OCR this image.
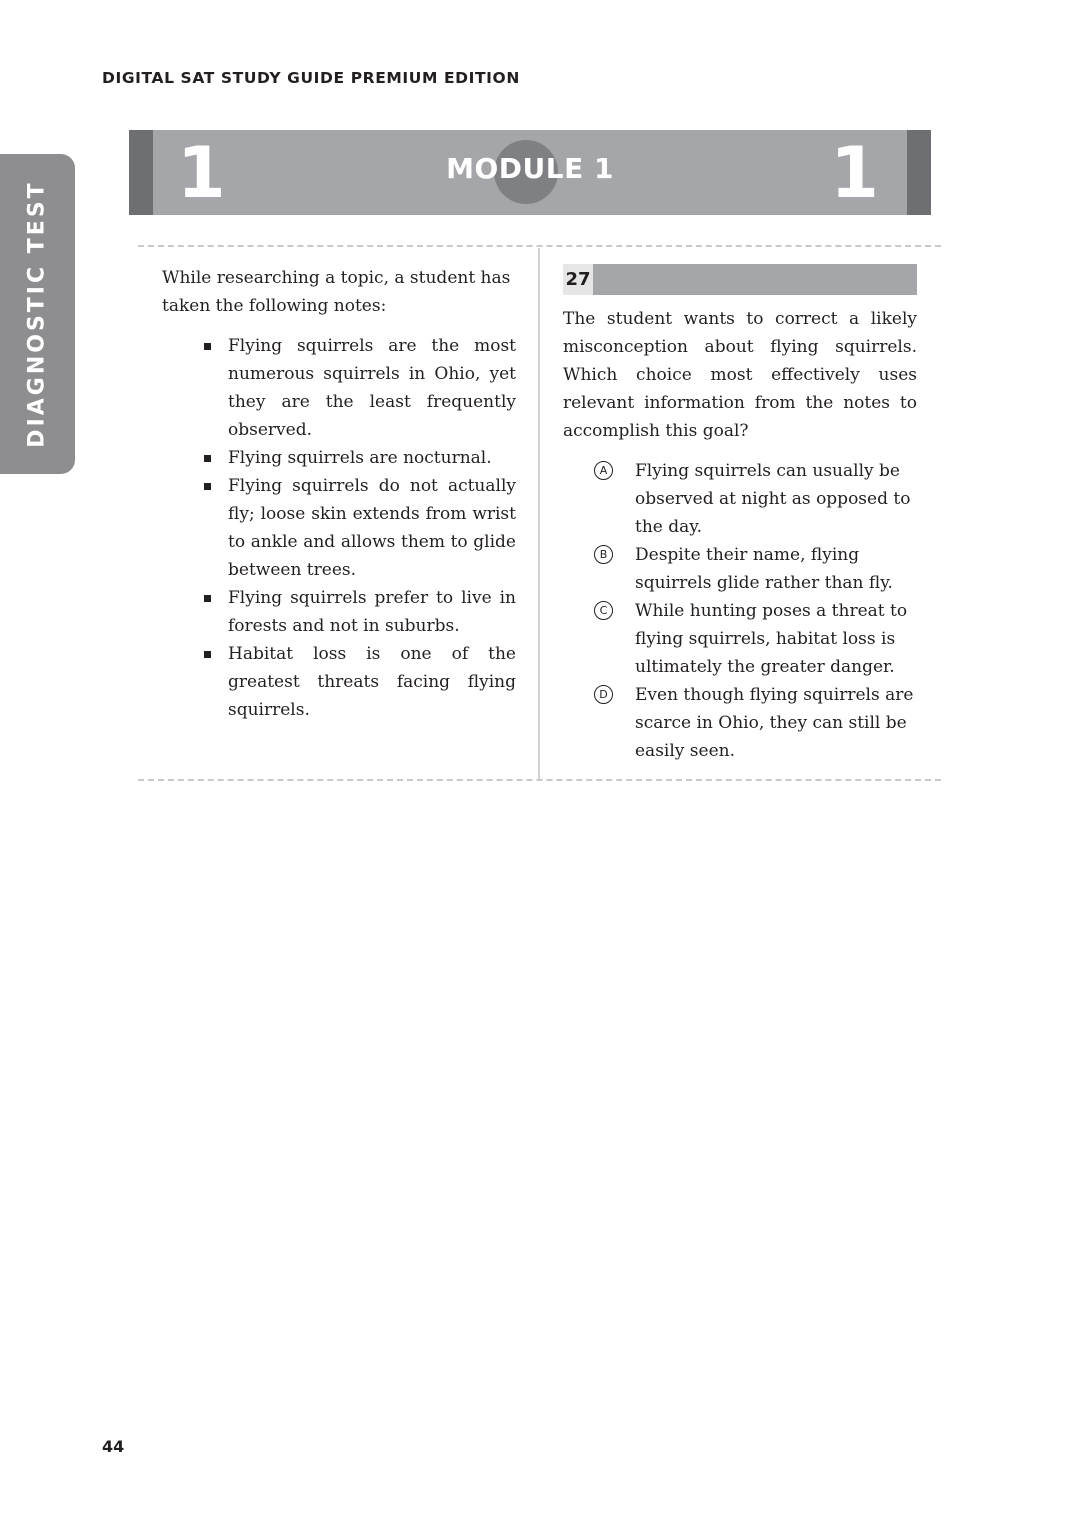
DIGITAL SAT STUDY GUIDE PREMIUM EDITION
DIAGNOSTIC TEST
1	MODULE 1	1

While researching a topic, a student has taken the following notes:

Flying squirrels are the most numerous squirrels in Ohio, yet they are the least frequently observed.
Flying squirrels are nocturnal.
Flying squirrels do not actually fly; loose skin extends from wrist to ankle and allows them to glide between trees.
Flying squirrels prefer to live in forests and not in suburbs.
Habitat loss is one of the greatest threats facing flying squirrels.
27

The student wants to correct a likely misconception about flying squirrels. Which choice most effectively uses relevant information from the notes to accomplish this goal?

A	Flying squirrels can usually be observed at night as opposed to the day.
B	Despite their name, flying squirrels glide rather than fly.
C	While hunting poses a threat to flying squirrels, habitat loss is ultimately the greater danger.
D	Even though flying squirrels are scarce in Ohio, they can still be easily seen.
44
